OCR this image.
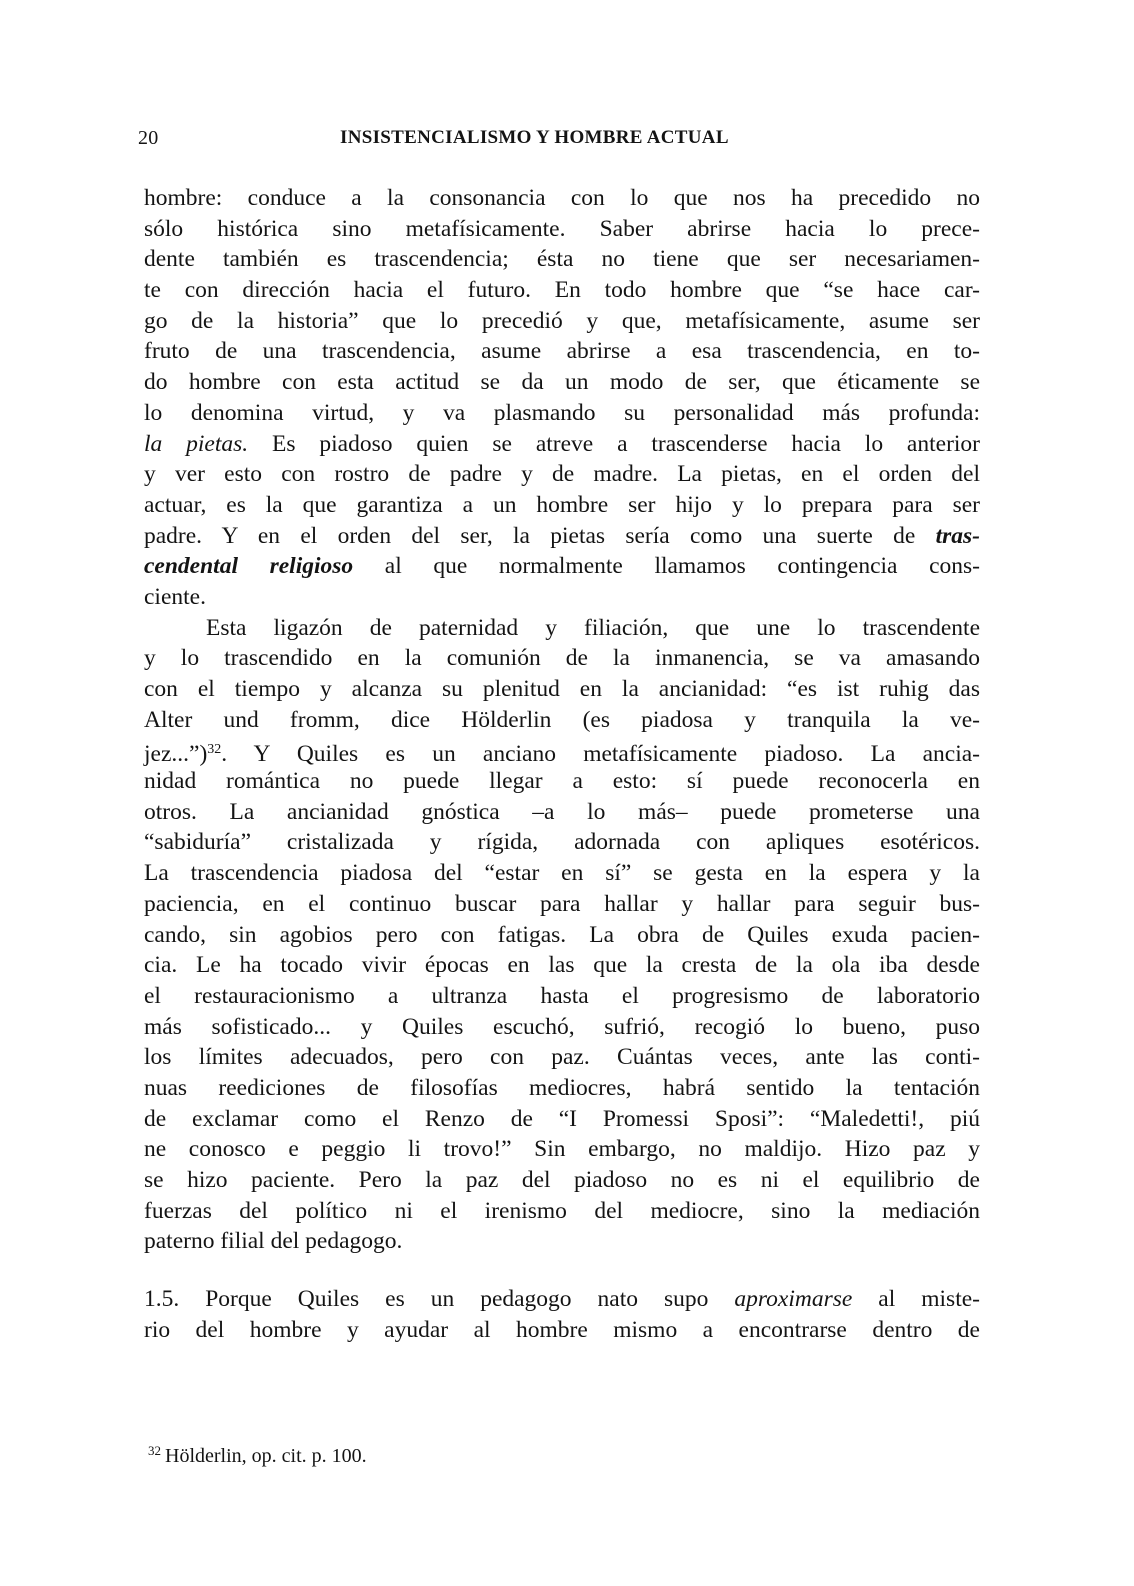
20	INSISTENCIALISMO Y HOMBRE ACTUAL
hombre: conduce a la consonancia con lo que nos ha precedido no
sólo histórica sino metafísicamente. Saber abrirse hacia lo prece-
dente también es trascendencia; ésta no tiene que ser necesariamen-
te con dirección hacia el futuro. En todo hombre que “se hace car-
go de la historia” que lo precedió y que, metafísicamente, asume ser
fruto de una trascendencia, asume abrirse a esa trascendencia, en to-
do hombre con esta actitud se da un modo de ser, que éticamente se
lo denomina virtud, y va plasmando su personalidad más profunda:
la pietas. Es piadoso quien se atreve a trascenderse hacia lo anterior
y ver esto con rostro de padre y de madre. La pietas, en el orden del
actuar, es la que garantiza a un hombre ser hijo y lo prepara para ser
padre. Y en el orden del ser, la pietas sería como una suerte de tras-
cendental religioso al que normalmente llamamos contingencia cons-
ciente.
Esta ligazón de paternidad y filiación, que une lo trascendente
y lo trascendido en la comunión de la inmanencia, se va amasando
con el tiempo y alcanza su plenitud en la ancianidad: “es ist ruhig das
Alter und fromm, dice Hölderlin (es piadosa y tranquila la ve-
jez...”)$^{32}$. Y Quiles es un anciano metafísicamente piadoso. La ancia-
nidad romántica no puede llegar a esto: sí puede reconocerla en
otros. La ancianidad gnóstica –a lo más– puede prometerse una
“sabiduría” cristalizada y rígida, adornada con apliques esotéricos.
La trascendencia piadosa del “estar en sí” se gesta en la espera y la
paciencia, en el continuo buscar para hallar y hallar para seguir bus-
cando, sin agobios pero con fatigas. La obra de Quiles exuda pacien-
cia. Le ha tocado vivir épocas en las que la cresta de la ola iba desde
el restauracionismo a ultranza hasta el progresismo de laboratorio
más sofisticado... y Quiles escuchó, sufrió, recogió lo bueno, puso
los límites adecuados, pero con paz. Cuántas veces, ante las conti-
nuas reediciones de filosofías mediocres, habrá sentido la tentación
de exclamar como el Renzo de “I Promessi Sposi”: “Maledetti!, piú
ne conosco e peggio li trovo!” Sin embargo, no maldijo. Hizo paz y
se hizo paciente. Pero la paz del piadoso no es ni el equilibrio de
fuerzas del político ni el irenismo del mediocre, sino la mediación
paterno filial del pedagogo.
1.5. Porque Quiles es un pedagogo nato supo aproximarse al miste-
rio del hombre y ayudar al hombre mismo a encontrarse dentro de
$^{32}$ Hölderlin, op. cit. p. 100.
